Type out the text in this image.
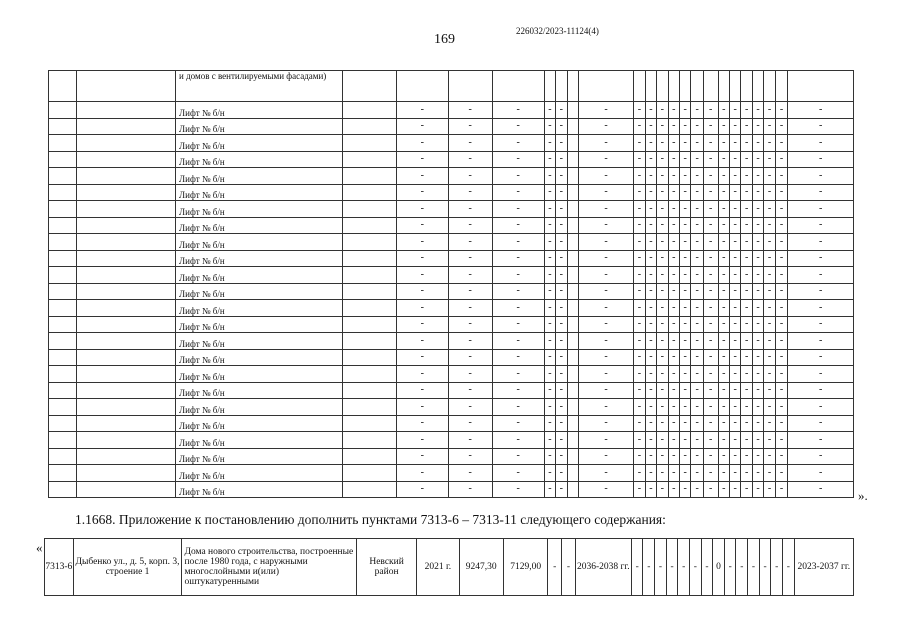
169
226032/2023-11124(4)
		и домов с вентилируемыми фасадами)																						
		Лифт № б/н		-	-	-	-	-		-	-	-	-	-	-	-	-	-	-	-	-	-	-	-
		Лифт № б/н		-	-	-	-	-		-	-	-	-	-	-	-	-	-	-	-	-	-	-	-
		Лифт № б/н		-	-	-	-	-		-	-	-	-	-	-	-	-	-	-	-	-	-	-	-
		Лифт № б/н		-	-	-	-	-		-	-	-	-	-	-	-	-	-	-	-	-	-	-	-
		Лифт № б/н		-	-	-	-	-		-	-	-	-	-	-	-	-	-	-	-	-	-	-	-
		Лифт № б/н		-	-	-	-	-		-	-	-	-	-	-	-	-	-	-	-	-	-	-	-
		Лифт № б/н		-	-	-	-	-		-	-	-	-	-	-	-	-	-	-	-	-	-	-	-
		Лифт № б/н		-	-	-	-	-		-	-	-	-	-	-	-	-	-	-	-	-	-	-	-
		Лифт № б/н		-	-	-	-	-		-	-	-	-	-	-	-	-	-	-	-	-	-	-	-
		Лифт № б/н		-	-	-	-	-		-	-	-	-	-	-	-	-	-	-	-	-	-	-	-
		Лифт № б/н		-	-	-	-	-		-	-	-	-	-	-	-	-	-	-	-	-	-	-	-
		Лифт № б/н		-	-	-	-	-		-	-	-	-	-	-	-	-	-	-	-	-	-	-	-
		Лифт № б/н		-	-	-	-	-		-	-	-	-	-	-	-	-	-	-	-	-	-	-	-
		Лифт № б/н		-	-	-	-	-		-	-	-	-	-	-	-	-	-	-	-	-	-	-	-
		Лифт № б/н		-	-	-	-	-		-	-	-	-	-	-	-	-	-	-	-	-	-	-	-
		Лифт № б/н		-	-	-	-	-		-	-	-	-	-	-	-	-	-	-	-	-	-	-	-
		Лифт № б/н		-	-	-	-	-		-	-	-	-	-	-	-	-	-	-	-	-	-	-	-
		Лифт № б/н		-	-	-	-	-		-	-	-	-	-	-	-	-	-	-	-	-	-	-	-
		Лифт № б/н		-	-	-	-	-		-	-	-	-	-	-	-	-	-	-	-	-	-	-	-
		Лифт № б/н		-	-	-	-	-		-	-	-	-	-	-	-	-	-	-	-	-	-	-	-
		Лифт № б/н		-	-	-	-	-		-	-	-	-	-	-	-	-	-	-	-	-	-	-	-
		Лифт № б/н		-	-	-	-	-		-	-	-	-	-	-	-	-	-	-	-	-	-	-	-
		Лифт № б/н		-	-	-	-	-		-	-	-	-	-	-	-	-	-	-	-	-	-	-	-
		Лифт № б/н		-	-	-	-	-		-	-	-	-	-	-	-	-	-	-	-	-	-	-	-	».
1.1668. Приложение к постановлению дополнить пунктами 7313-6 – 7313-11 следующего содержания:
«
7313-6	Дыбенко ул., д. 5, корп. 3, строение 1	Дома нового строительства, построенные после 1980 года, с наружными многослойными и(или) оштукатуренными	Невский район	2021 г.	9247,30	7129,00	-	-	2036-2038 гг.	-	-	-	-	-	-	-	0	-	-	-	-	-	-	2023-2037 гг.
